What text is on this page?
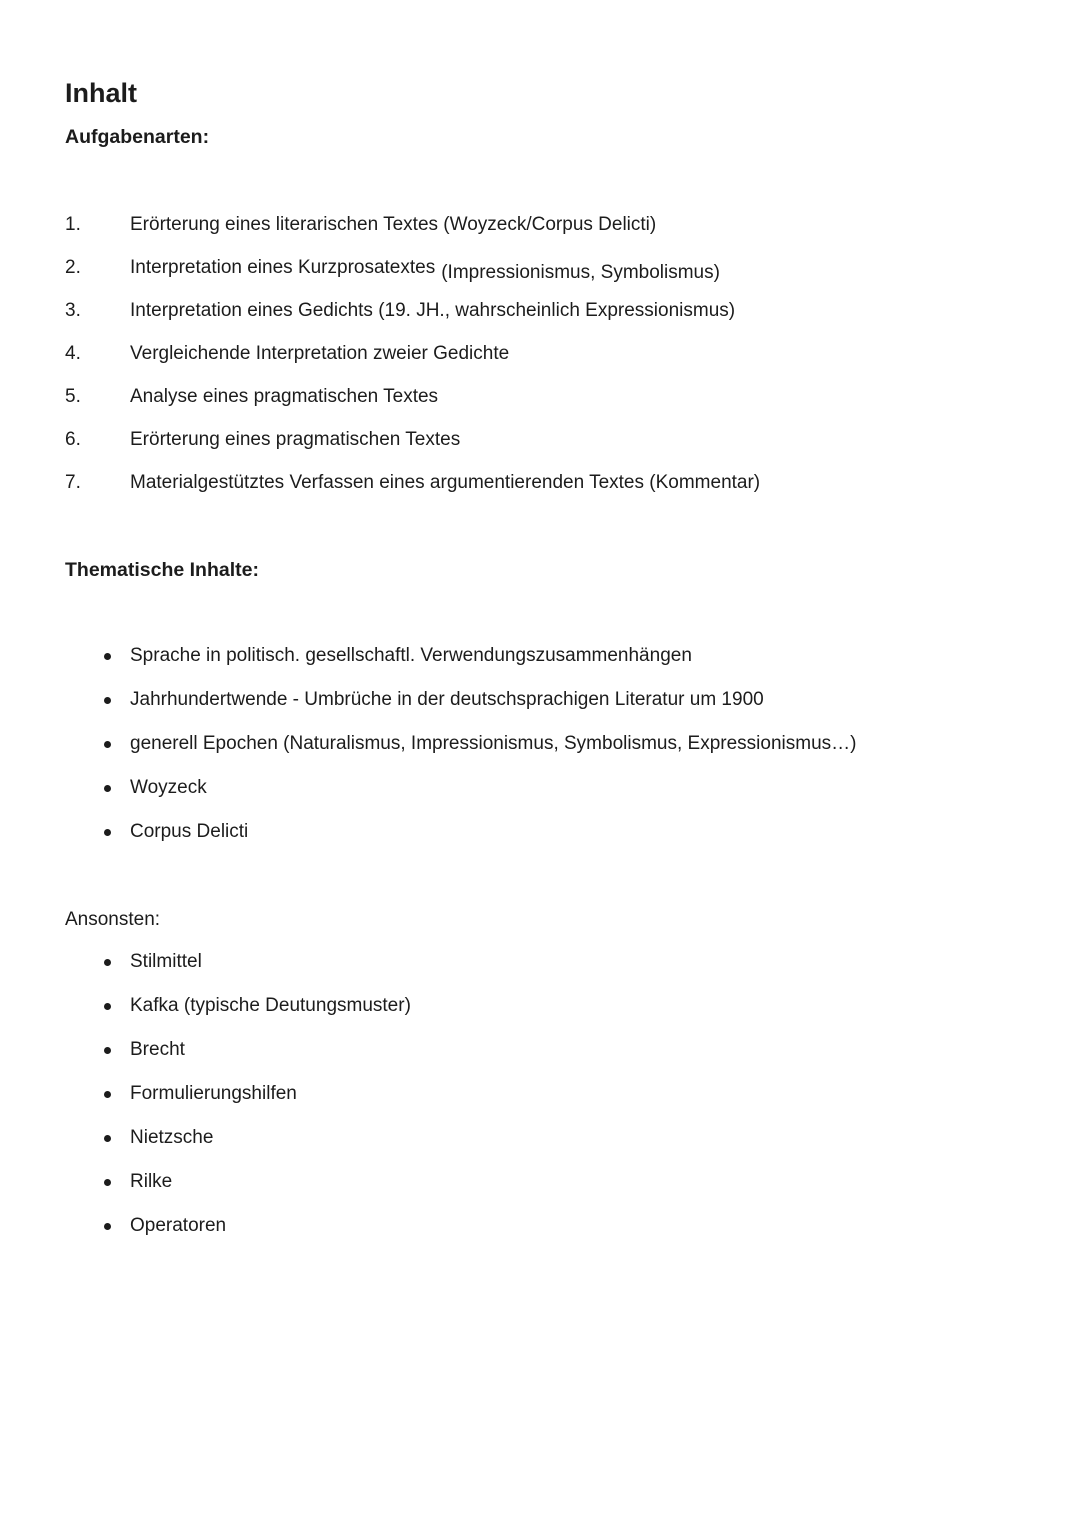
Inhalt
Aufgabenarten:
1.	Erörterung eines literarischen Textes (Woyzeck/Corpus Delicti)
2.	Interpretation eines Kurzprosatextes (Impressionismus, Symbolismus)
3.	Interpretation eines Gedichts (19. JH., wahrscheinlich Expressionismus)
4.	Vergleichende Interpretation zweier Gedichte
5.	Analyse eines pragmatischen Textes
6.	Erörterung eines pragmatischen Textes
7.	Materialgestütztes Verfassen eines argumentierenden Textes (Kommentar)
Thematische Inhalte:
Sprache in politisch. gesellschaftl. Verwendungszusammenhängen
Jahrhundertwende - Umbrüche in der deutschsprachigen Literatur um 1900
generell Epochen (Naturalismus, Impressionismus, Symbolismus, Expressionismus…)
Woyzeck
Corpus Delicti
Ansonsten:
Stilmittel
Kafka (typische Deutungsmuster)
Brecht
Formulierungshilfen
Nietzsche
Rilke
Operatoren
